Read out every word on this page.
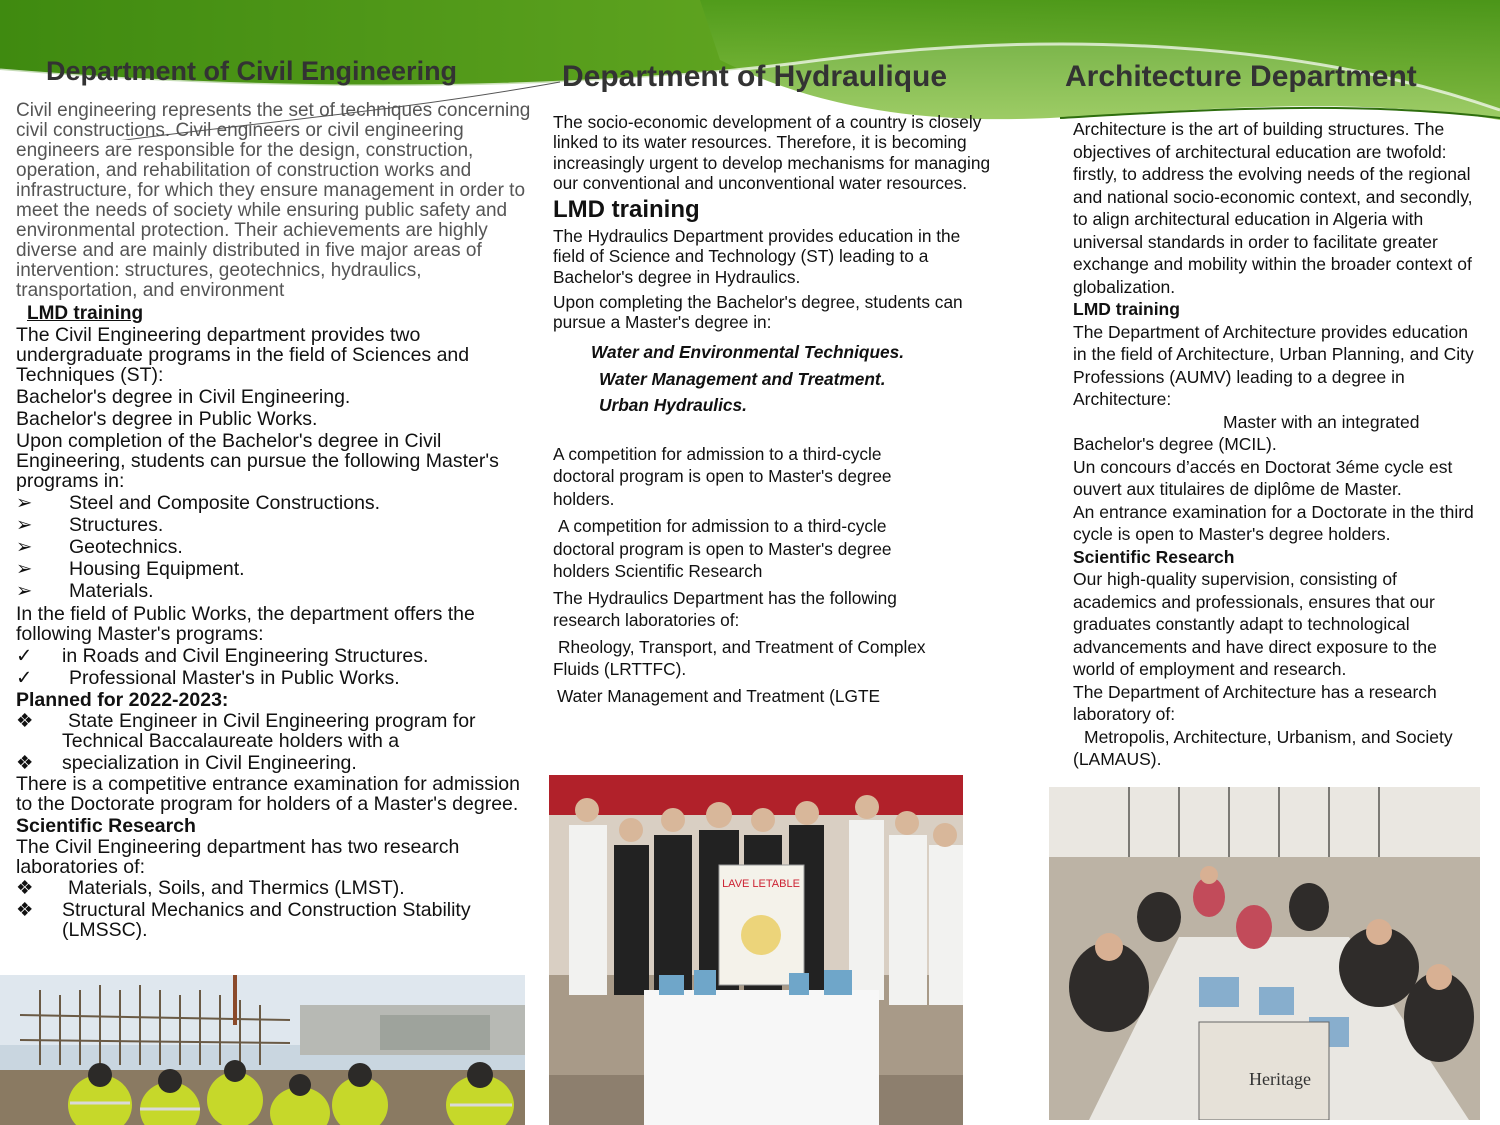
Department of Civil Engineering

Civil engineering represents the set of techniques concerning civil constructions. Civil engineers or civil engineering engineers are responsible for the design, construction, operation, and rehabilitation of construction works and infrastructure, for which they ensure management in order to meet the needs of society while ensuring public safety and environmental protection. Their achievements are highly diverse and are mainly distributed in five major areas of intervention: structures, geotechnics, hydraulics, transportation, and environment

LMD training

The Civil Engineering department provides two undergraduate programs in the field of Sciences and Techniques (ST):

Bachelor's degree in Civil Engineering.

Bachelor's degree in Public Works.

Upon completion of the Bachelor's degree in Civil Engineering, students can pursue the following Master's programs in:

➢	Steel and Composite Constructions.
➢	Structures.
➢	Geotechnics.
➢	Housing Equipment.
➢	Materials.

In the field of Public Works, the department offers the following Master's programs:

✓	in Roads and Civil Engineering Structures.
✓	Professional Master's in Public Works.

Planned for 2022-2023:

❖	State Engineer in Civil Engineering program for Technical Baccalaureate holders with a
❖	specialization in Civil Engineering.

There is a competitive entrance examination for admission to the Doctorate program for holders of a Master's degree.

Scientific Research

The Civil Engineering department has two research laboratories of:

❖	Materials, Soils, and Thermics (LMST).
❖	Structural Mechanics and Construction Stability (LMSSC).
Department of Hydraulique

The socio-economic development of a country is closely linked to its water resources. Therefore, it is becoming increasingly urgent to develop mechanisms for managing our conventional and unconventional water resources.

LMD training

The Hydraulics Department provides education in the field of Science and Technology (ST) leading to a Bachelor's degree in Hydraulics.

Upon completing the Bachelor's degree, students can pursue a Master's degree in:

Water and Environmental Techniques.

Water Management and Treatment.

Urban Hydraulics.

A competition for admission to a third-cycle doctoral program is open to Master's degree holders.

A competition for admission to a third-cycle doctoral program is open to Master's degree holders Scientific Research

The Hydraulics Department has the following research laboratories of:

Rheology, Transport, and Treatment of Complex Fluids (LRTTFC).

Water Management and Treatment (LGTE

LAVE LETABLE
Architecture Department

Architecture is the art of building structures. The objectives of architectural education are twofold: firstly, to address the evolving needs of the regional and national socio-economic context, and secondly, to align architectural education in Algeria with universal standards in order to facilitate greater exchange and mobility within the broader context of globalization.

LMD training

The Department of Architecture provides education in the field of Architecture, Urban Planning, and City Professions (AUMV) leading to a degree in Architecture:

Master with an integrated

Bachelor's degree (MCIL).

Un concours d’accés en Doctorat 3éme cycle est ouvert aux titulaires de diplôme de Master.

An entrance examination for a Doctorate in the third cycle is open to Master's degree holders.

Scientific Research

Our high-quality supervision, consisting of academics and professionals, ensures that our graduates constantly adapt to technological advancements and have direct exposure to the world of employment and research.

The Department of Architecture has a research laboratory of:

Metropolis, Architecture, Urbanism, and Society (LAMAUS).

Heritage
